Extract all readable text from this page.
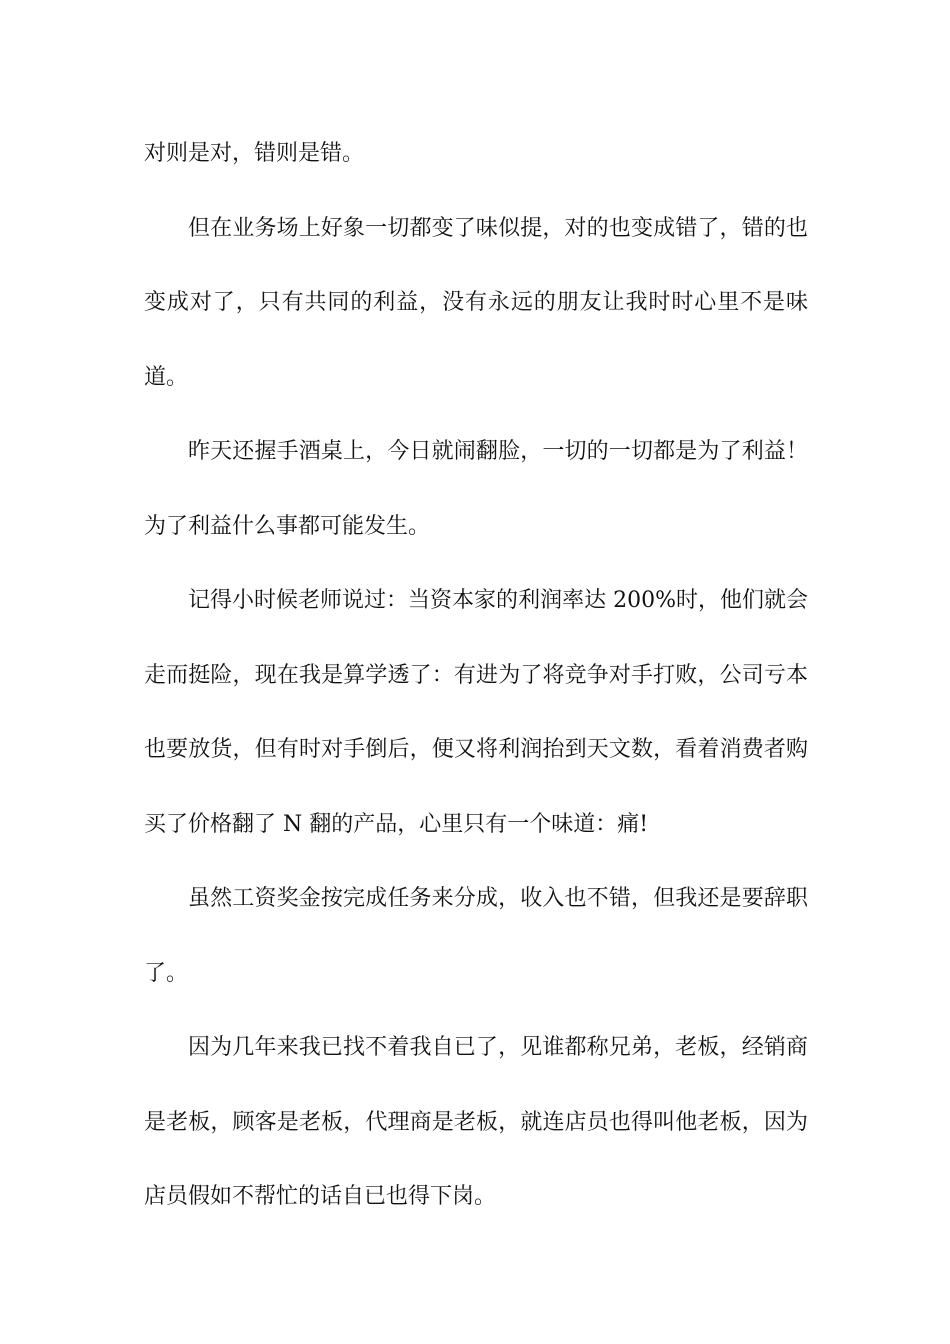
对则是对，错则是错。

但在业务场上好象一切都变了味似提，对的也变成错了，错的也变成对了，只有共同的利益，没有永远的朋友让我时时心里不是味道。

昨天还握手酒桌上，今日就闹翻脸，一切的一切都是为了利益！为了利益什么事都可能发生。

记得小时候老师说过：当资本家的利润率达 200%时，他们就会走而挺险，现在我是算学透了：有进为了将竞争对手打败，公司亏本也要放货，但有时对手倒后，便又将利润抬到天文数，看着消费者购买了价格翻了 N 翻的产品，心里只有一个味道：痛!

虽然工资奖金按完成任务来分成，收入也不错，但我还是要辞职了。

因为几年来我已找不着我自已了，见谁都称兄弟，老板，经销商是老板，顾客是老板，代理商是老板，就连店员也得叫他老板，因为店员假如不帮忙的话自已也得下岗。
